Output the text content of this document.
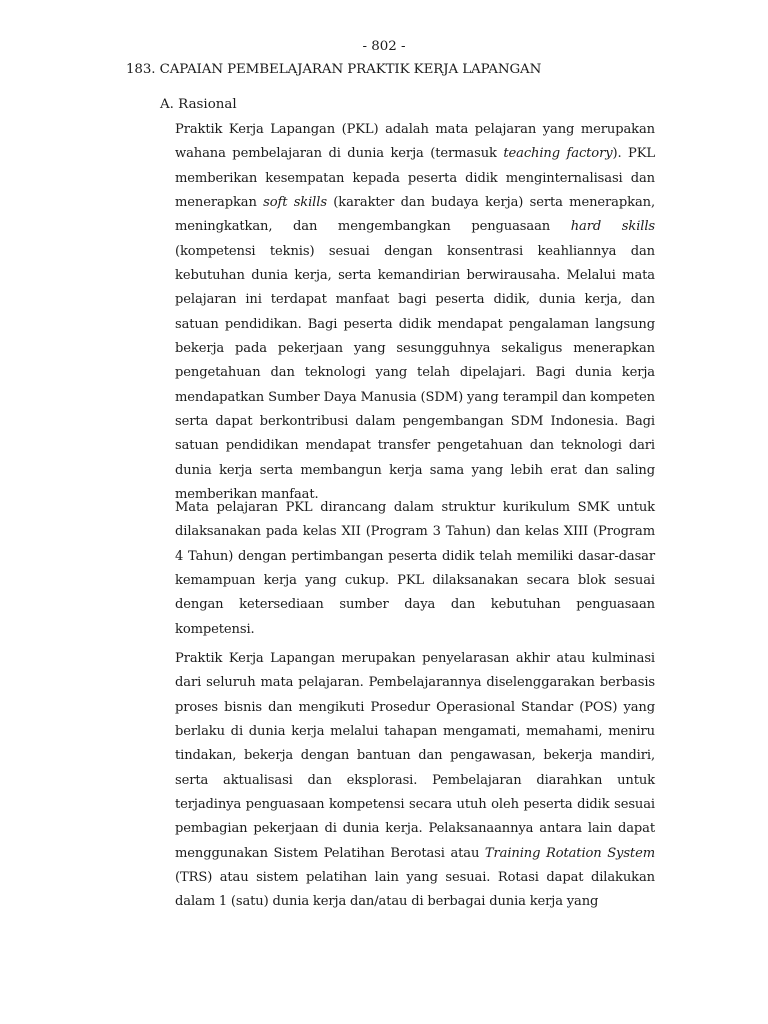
- 802 -
183. CAPAIAN PEMBELAJARAN PRAKTIK KERJA LAPANGAN
A. Rasional

Praktik Kerja Lapangan (PKL) adalah mata pelajaran yang merupakan wahana pembelajaran di dunia kerja (termasuk teaching factory). PKL memberikan kesempatan kepada peserta didik menginternalisasi dan menerapkan soft skills (karakter dan budaya kerja) serta menerapkan, meningkatkan, dan mengembangkan penguasaan hard skills (kompetensi teknis) sesuai dengan konsentrasi keahliannya dan kebutuhan dunia kerja, serta kemandirian berwirausaha. Melalui mata pelajaran ini terdapat manfaat bagi peserta didik, dunia kerja, dan satuan pendidikan. Bagi peserta didik mendapat pengalaman langsung bekerja pada pekerjaan yang sesungguhnya sekaligus menerapkan pengetahuan dan teknologi yang telah dipelajari. Bagi dunia kerja mendapatkan Sumber Daya Manusia (SDM) yang terampil dan kompeten serta dapat berkontribusi dalam pengembangan SDM Indonesia. Bagi satuan pendidikan mendapat transfer pengetahuan dan teknologi dari dunia kerja serta membangun kerja sama yang lebih erat dan saling memberikan manfaat.

Mata pelajaran PKL dirancang dalam struktur kurikulum SMK untuk dilaksanakan pada kelas XII (Program 3 Tahun) dan kelas XIII (Program 4 Tahun) dengan pertimbangan peserta didik telah memiliki dasar-dasar kemampuan kerja yang cukup. PKL dilaksanakan secara blok sesuai dengan ketersediaan sumber daya dan kebutuhan penguasaan kompetensi.

Praktik Kerja Lapangan merupakan penyelarasan akhir atau kulminasi dari seluruh mata pelajaran. Pembelajarannya diselenggarakan berbasis proses bisnis dan mengikuti Prosedur Operasional Standar (POS) yang berlaku di dunia kerja melalui tahapan mengamati, memahami, meniru tindakan, bekerja dengan bantuan dan pengawasan, bekerja mandiri, serta aktualisasi dan eksplorasi. Pembelajaran diarahkan untuk terjadinya penguasaan kompetensi secara utuh oleh peserta didik sesuai pembagian pekerjaan di dunia kerja. Pelaksanaannya antara lain dapat menggunakan Sistem Pelatihan Berotasi atau Training Rotation System (TRS) atau sistem pelatihan lain yang sesuai. Rotasi dapat dilakukan dalam 1 (satu) dunia kerja dan/atau di berbagai dunia kerja yang
